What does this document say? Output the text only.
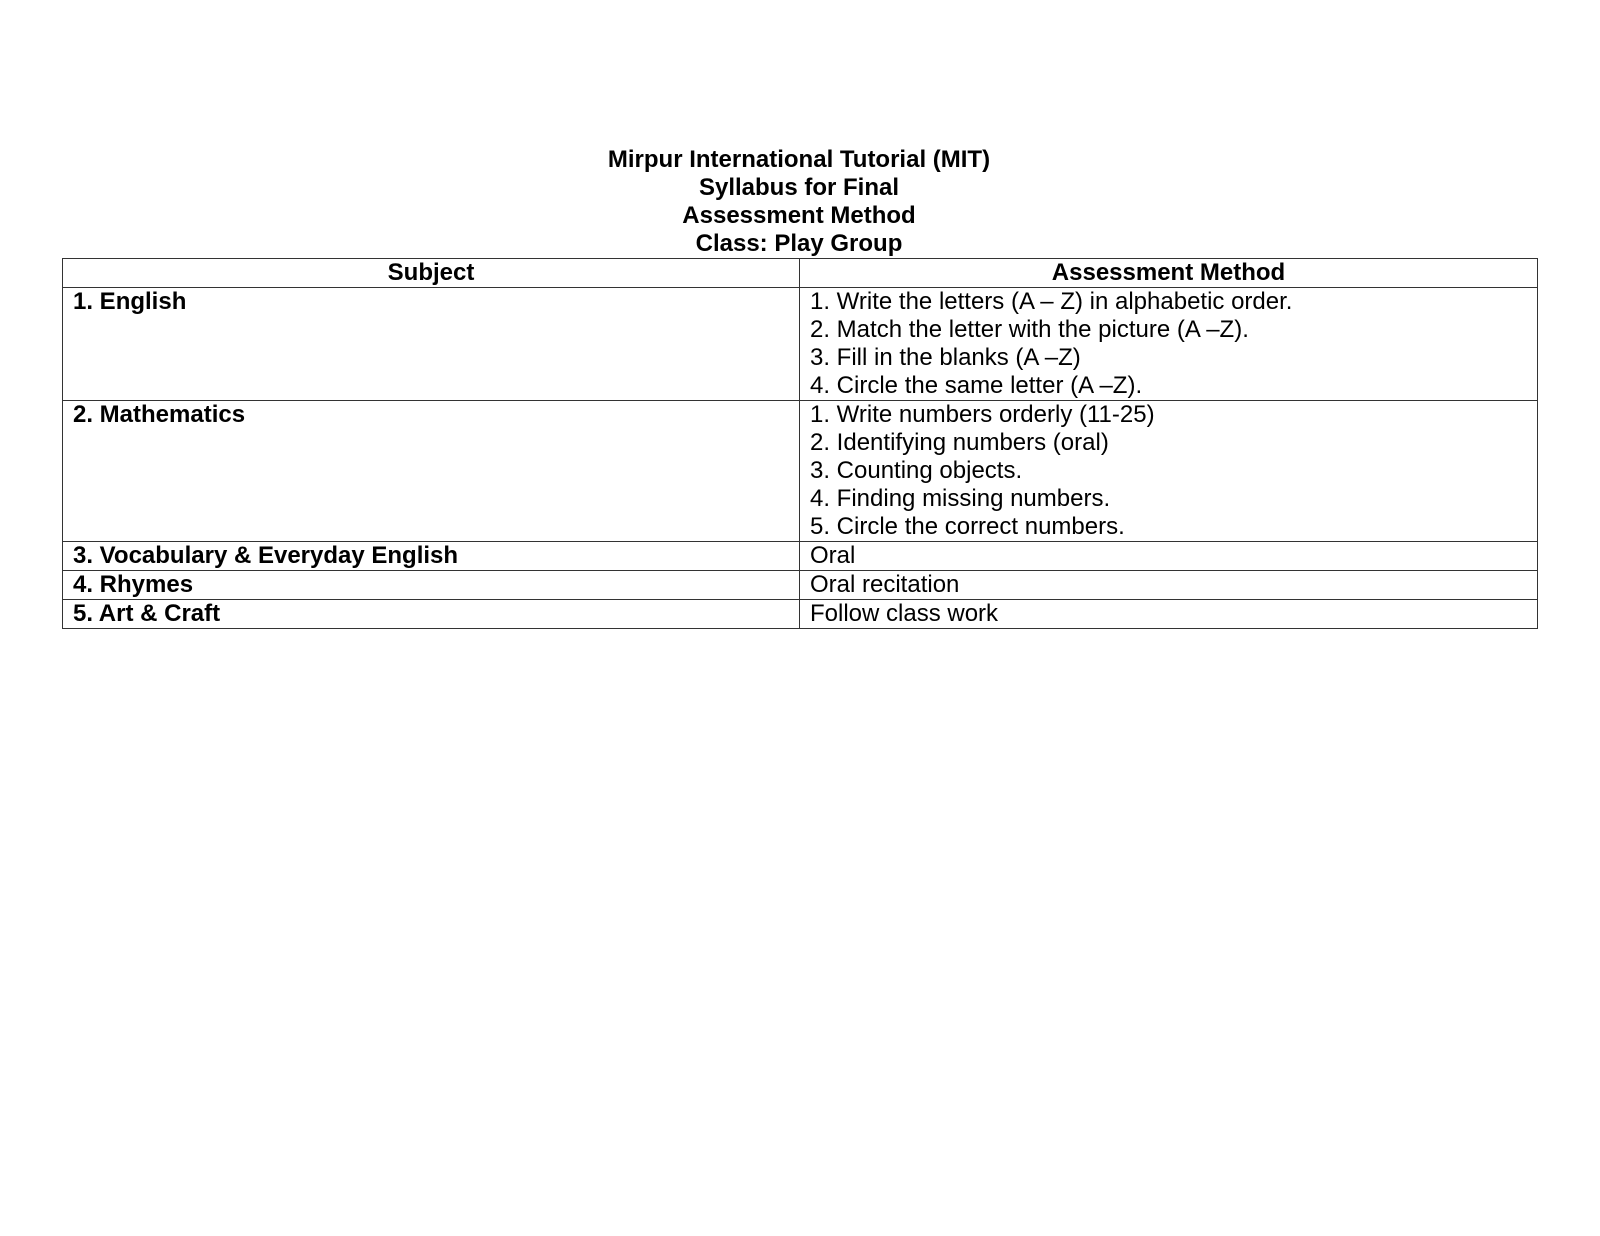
Mirpur International Tutorial (MIT)
Syllabus for Final
Assessment Method
Class: Play Group
Subject	Assessment Method
1. English	1. Write the letters (A – Z) in alphabetic order.
2. Match the letter with the picture (A –Z).
3. Fill in the blanks (A –Z)
4. Circle the same letter (A –Z).

2. Mathematics	1. Write numbers orderly (11-25)
2. Identifying numbers (oral)
3. Counting objects.
4. Finding missing numbers.
5. Circle the correct numbers.

3. Vocabulary & Everyday English	Oral

4. Rhymes	Oral recitation

5. Art & Craft	Follow class work
